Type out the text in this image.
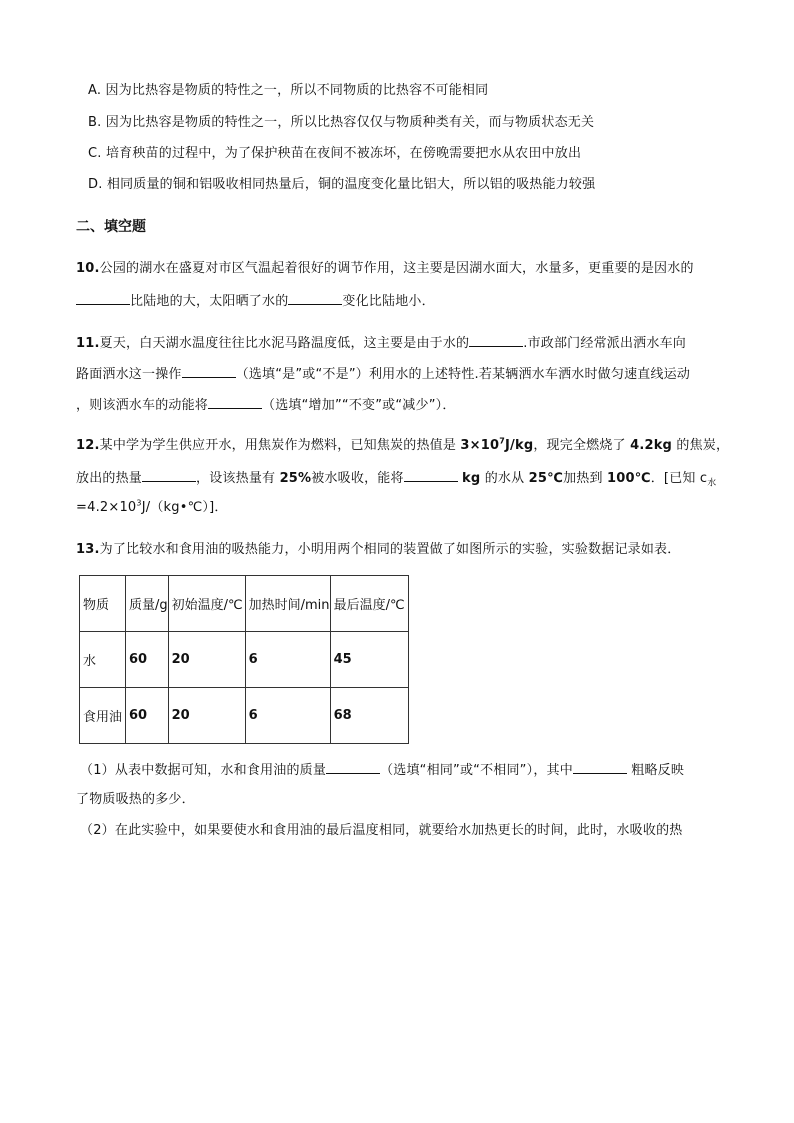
A. 因为比热容是物质的特性之一，所以不同物质的比热容不可能相同
B. 因为比热容是物质的特性之一，所以比热容仅仅与物质种类有关，而与物质状态无关
C. 培育秧苗的过程中，为了保护秧苗在夜间不被冻坏，在傍晚需要把水从农田中放出
D. 相同质量的铜和铝吸收相同热量后，铜的温度变化量比铝大，所以铝的吸热能力较强
二、填空题
10.公园的湖水在盛夏对市区气温起着很好的调节作用，这主要是因湖水面大，水量多，更重要的是因水的
比陆地的大，太阳晒了水的	变化比陆地小．
11.夏天，白天湖水温度往往比水泥马路温度低，这主要是由于水的	.市政部门经常派出洒水车向
路面洒水这一操作	（选填“是”或“不是”）利用水的上述特性.若某辆洒水车洒水时做匀速直线运动
，则该洒水车的动能将	（选填“增加”“不变”或“减少”）．
12.某中学为学生供应开水，用焦炭作为燃料，已知焦炭的热值是 $3\times 10^7J/kg$，现完全燃烧了 4.2kg 的焦炭，
放出的热量	，设该热量有 25%被水吸收，能将	kg 的水从 25℃加热到 100℃．[已知 $c_水$
$=4.2\times 10^3J/(kg•℃)$]．
13.为了比较水和食用油的吸热能力，小明用两个相同的装置做了如图所示的实验，实验数据记录如表．
物质	质量/g	初始温度/℃	加热时间/min	最后温度/℃
水	60	20	6	45
食用油	60	20	6	68
（1）从表中数据可知，水和食用油的质量	（选填“相同”或“不相同”），其中	粗略反映
了物质吸热的多少．
（2）在此实验中，如果要使水和食用油的最后温度相同，就要给水加热更长的时间，此时，水吸收的热
